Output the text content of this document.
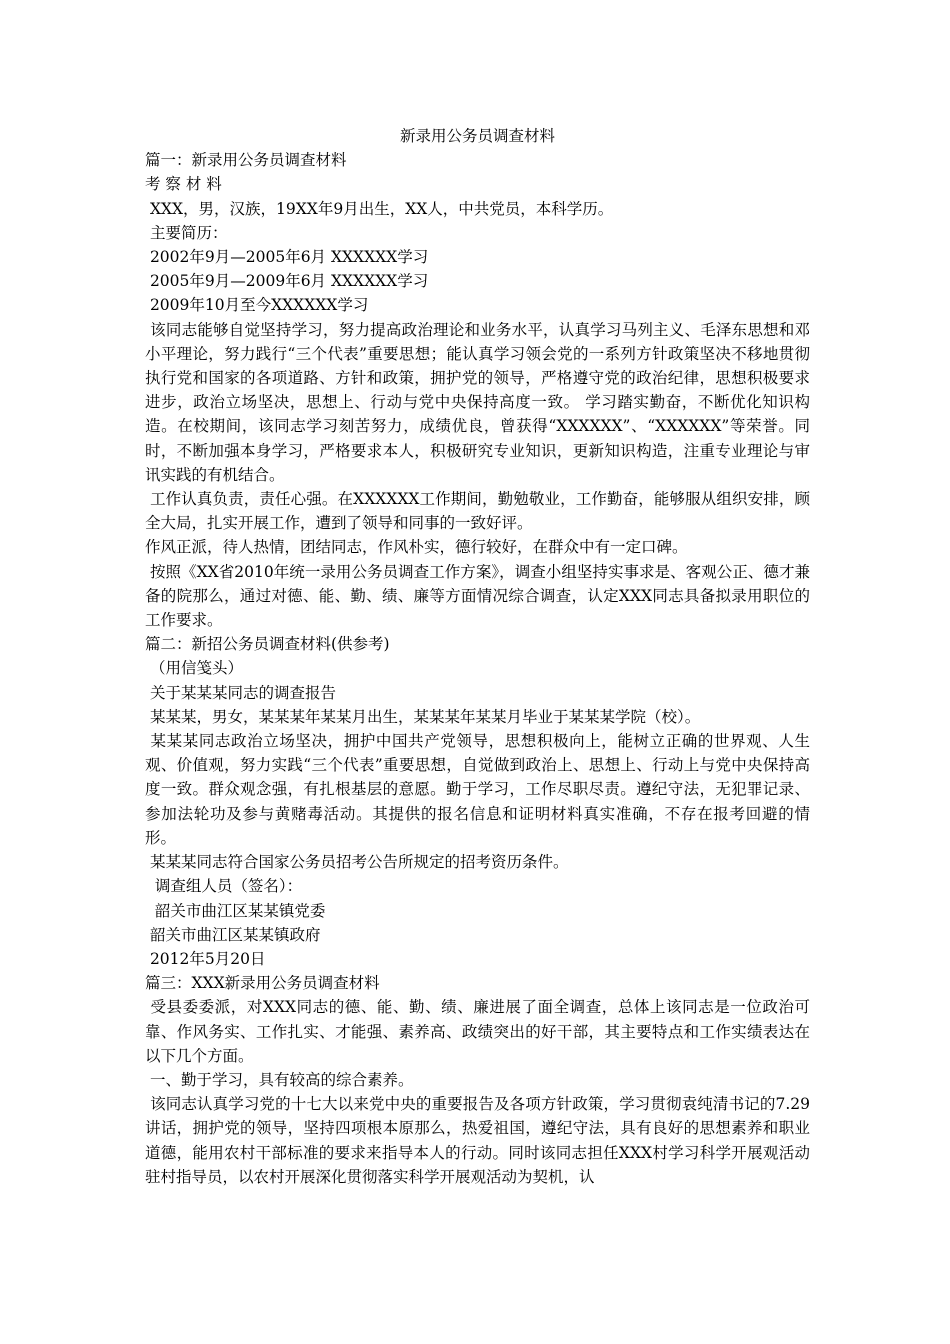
新录用公务员调查材料

篇一：新录用公务员调查材料

考 察 材 料

XXX，男，汉族，19XX年9月出生，XX人，中共党员，本科学历。

主要简历：

2002年9月—2005年6月 XXXXXX学习

2005年9月—2009年6月 XXXXXX学习

2009年10月至今XXXXXX学习

该同志能够自觉坚持学习，努力提高政治理论和业务水平，认真学习马列主义、毛泽东思想和邓小平理论，努力践行“三个代表”重要思想；能认真学习领会党的一系列方针政策坚决不移地贯彻执行党和国家的各项道路、方针和政策，拥护党的领导，严格遵守党的政治纪律，思想积极要求进步，政治立场坚决，思想上、行动与党中央保持高度一致。 学习踏实勤奋，不断优化知识构造。在校期间，该同志学习刻苦努力，成绩优良，曾获得“XXXXXX”、“XXXXXX”等荣誉。同时，不断加强本身学习，严格要求本人，积极研究专业知识，更新知识构造，注重专业理论与审讯实践的有机结合。

工作认真负责，责任心强。在XXXXXX工作期间，勤勉敬业，工作勤奋，能够服从组织安排，顾全大局，扎实开展工作，遭到了领导和同事的一致好评。

作风正派，待人热情，团结同志，作风朴实，德行较好，在群众中有一定口碑。

按照《XX省2010年统一录用公务员调查工作方案》，调查小组坚持实事求是、客观公正、德才兼备的院那么，通过对德、能、勤、绩、廉等方面情况综合调查，认定XXX同志具备拟录用职位的工作要求。

篇二：新招公务员调查材料(供参考)

（用信笺头）

关于某某某同志的调查报告

某某某，男女，某某某年某某月出生，某某某年某某月毕业于某某某学院（校）。

某某某同志政治立场坚决，拥护中国共产党领导，思想积极向上，能树立正确的世界观、人生观、价值观，努力实践“三个代表”重要思想，自觉做到政治上、思想上、行动上与党中央保持高度一致。群众观念强，有扎根基层的意愿。勤于学习，工作尽职尽责。遵纪守法，无犯罪记录、参加法轮功及参与黄赌毒活动。其提供的报名信息和证明材料真实准确，不存在报考回避的情形。

某某某同志符合国家公务员招考公告所规定的招考资历条件。

调查组人员（签名）：

韶关市曲江区某某镇党委

韶关市曲江区某某镇政府

2012年5月20日

篇三：XXX新录用公务员调查材料

受县委委派，对XXX同志的德、能、勤、绩、廉进展了面全调查，总体上该同志是一位政治可靠、作风务实、工作扎实、才能强、素养高、政绩突出的好干部，其主要特点和工作实绩表达在以下几个方面。

一、勤于学习，具有较高的综合素养。

该同志认真学习党的十七大以来党中央的重要报告及各项方针政策，学习贯彻袁纯清书记的7.29讲话，拥护党的领导，坚持四项根本原那么，热爱祖国，遵纪守法，具有良好的思想素养和职业道德，能用农村干部标准的要求来指导本人的行动。同时该同志担任XXX村学习科学开展观活动驻村指导员，以农村开展深化贯彻落实科学开展观活动为契机，认
